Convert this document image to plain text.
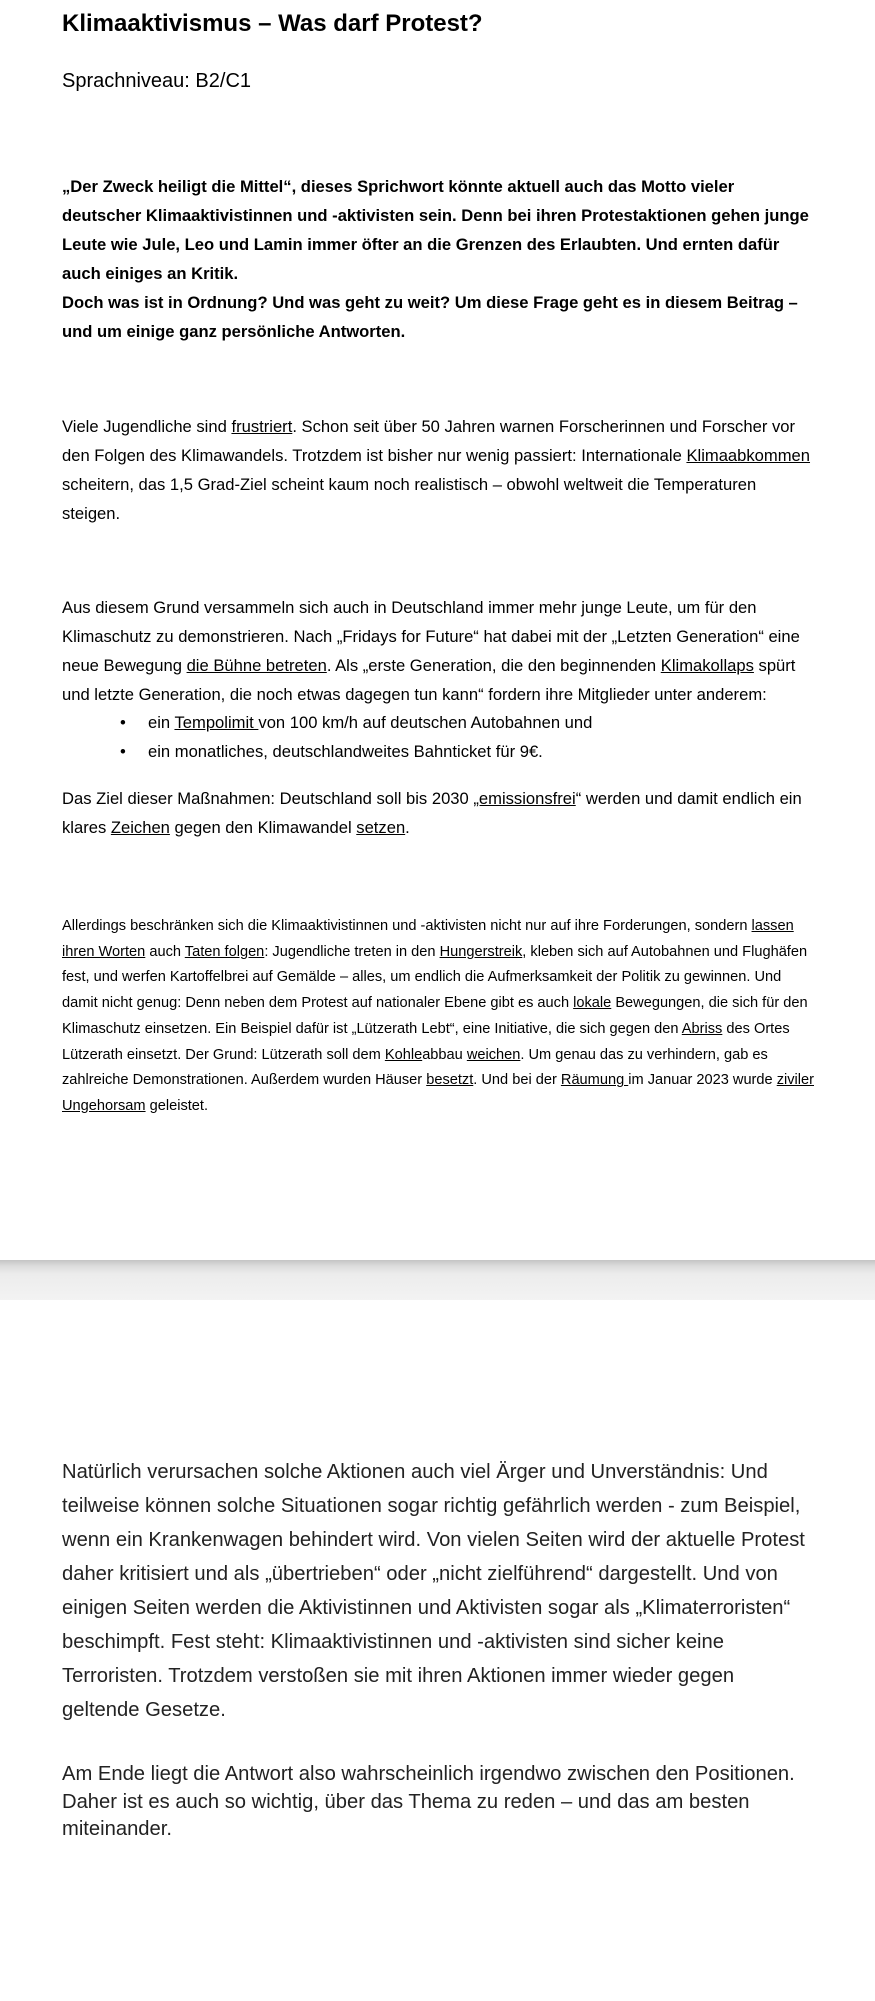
Klimaaktivismus – Was darf Protest?

Sprachniveau: B2/C1

„Der Zweck heiligt die Mittel“, dieses Sprichwort könnte aktuell auch das Motto vieler deutscher Klimaaktivistinnen und -aktivisten sein. Denn bei ihren Protestaktionen gehen junge Leute wie Jule, Leo und Lamin immer öfter an die Grenzen des Erlaubten. Und ernten dafür auch einiges an Kritik.
Doch was ist in Ordnung? Und was geht zu weit? Um diese Frage geht es in diesem Beitrag – und um einige ganz persönliche Antworten.

Viele Jugendliche sind frustriert. Schon seit über 50 Jahren warnen Forscherinnen und Forscher vor den Folgen des Klimawandels. Trotzdem ist bisher nur wenig passiert: Internationale Klimaabkommen scheitern, das 1,5 Grad-Ziel scheint kaum noch realistisch – obwohl weltweit die Temperaturen steigen.

Aus diesem Grund versammeln sich auch in Deutschland immer mehr junge Leute, um für den Klimaschutz zu demonstrieren. Nach „Fridays for Future“ hat dabei mit der „Letzten Generation“ eine neue Bewegung die Bühne betreten. Als „erste Generation, die den beginnenden Klimakollaps spürt und letzte Generation, die noch etwas dagegen tun kann“ fordern ihre Mitglieder unter anderem:

• ein Tempolimit von 100 km/h auf deutschen Autobahnen und
• ein monatliches, deutschlandweites Bahnticket für 9€.

Das Ziel dieser Maßnahmen: Deutschland soll bis 2030 „emissionsfrei“ werden und damit endlich ein klares Zeichen gegen den Klimawandel setzen.

Allerdings beschränken sich die Klimaaktivistinnen und -aktivisten nicht nur auf ihre Forderungen, sondern lassen ihren Worten auch Taten folgen: Jugendliche treten in den Hungerstreik, kleben sich auf Autobahnen und Flughäfen fest, und werfen Kartoffelbrei auf Gemälde – alles, um endlich die Aufmerksamkeit der Politik zu gewinnen. Und damit nicht genug: Denn neben dem Protest auf nationaler Ebene gibt es auch lokale Bewegungen, die sich für den Klimaschutz einsetzen. Ein Beispiel dafür ist „Lützerath Lebt“, eine Initiative, die sich gegen den Abriss des Ortes Lützerath einsetzt. Der Grund: Lützerath soll dem Kohleabbau weichen. Um genau das zu verhindern, gab es zahlreiche Demonstrationen. Außerdem wurden Häuser besetzt. Und bei der Räumung im Januar 2023 wurde ziviler Ungehorsam geleistet.

Natürlich verursachen solche Aktionen auch viel Ärger und Unverständnis: Und teilweise können solche Situationen sogar richtig gefährlich werden - zum Beispiel, wenn ein Krankenwagen behindert wird. Von vielen Seiten wird der aktuelle Protest daher kritisiert und als „übertrieben“ oder „nicht zielführend“ dargestellt. Und von einigen Seiten werden die Aktivistinnen und Aktivisten sogar als „Klimaterroristen“ beschimpft. Fest steht: Klimaaktivistinnen und -aktivisten sind sicher keine Terroristen. Trotzdem verstoßen sie mit ihren Aktionen immer wieder gegen geltende Gesetze.

Am Ende liegt die Antwort also wahrscheinlich irgendwo zwischen den Positionen. Daher ist es auch so wichtig, über das Thema zu reden – und das am besten miteinander.
